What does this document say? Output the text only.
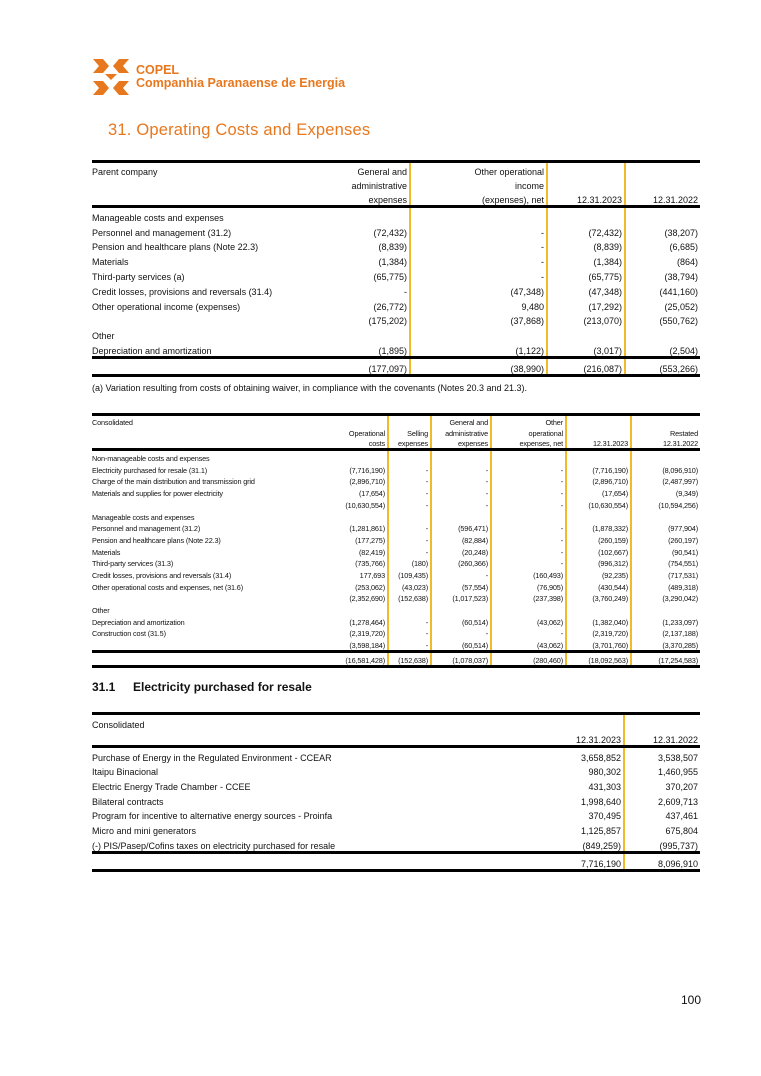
COPEL
Companhia Paranaense de Energia
31. Operating Costs and Expenses
Parent company	General and	Other operational
administrative	income
expenses	(expenses), net	12.31.2023	12.31.2022
Manageable costs and expenses
Personnel and management (31.2)	(72,432)	-	(72,432)	(38,207)
Pension and healthcare plans (Note 22.3)	(8,839)	-	(8,839)	(6,685)
Materials	(1,384)	-	(1,384)	(864)
Third-party services (a)	(65,775)	-	(65,775)	(38,794)
Credit losses, provisions and reversals (31.4)	-	(47,348)	(47,348)	(441,160)
Other operational income (expenses)	(26,772)	9,480	(17,292)	(25,052)
(175,202)	(37,868)	(213,070)	(550,762)
Other
Depreciation and amortization	(1,895)	(1,122)	(3,017)	(2,504)
(177,097)	(38,990)	(216,087)	(553,266)
(a) Variation resulting from costs of obtaining waiver, in compliance with the covenants (Notes 20.3 and 21.3).
Consolidated	General and	Other
Operational	Selling	administrative	operational	Restated
costs	expenses	expenses	expenses, net	12.31.2023	12.31.2022
Non-manageable costs and expenses
Electricity purchased for resale (31.1)	(7,716,190)	-	-	-	(7,716,190)	(8,096,910)
Charge of the main distribution and transmission grid	(2,896,710)	-	-	-	(2,896,710)	(2,487,997)
Materials and supplies for power electricity	(17,654)	-	-	-	(17,654)	(9,349)
(10,630,554)	-	-	-	(10,630,554)	(10,594,256)
Manageable costs and expenses
Personnel and management (31.2)	(1,281,861)	-	(596,471)	-	(1,878,332)	(977,904)
Pension and healthcare plans (Note 22.3)	(177,275)	-	(82,884)	-	(260,159)	(260,197)
Materials	(82,419)	-	(20,248)	-	(102,667)	(90,541)
Third-party services (31.3)	(735,766)	(180)	(260,366)	-	(996,312)	(754,551)
Credit losses, provisions and reversals (31.4)	177,693	(109,435)	-	(160,493)	(92,235)	(717,531)
Other operational costs and expenses, net (31.6)	(253,062)	(43,023)	(57,554)	(76,905)	(430,544)	(489,318)
(2,352,690)	(152,638)	(1,017,523)	(237,398)	(3,760,249)	(3,290,042)
Other
Depreciation and amortization	(1,278,464)	-	(60,514)	(43,062)	(1,382,040)	(1,233,097)
Construction cost (31.5)	(2,319,720)	-	-	-	(2,319,720)	(2,137,188)
(3,598,184)	-	(60,514)	(43,062)	(3,701,760)	(3,370,285)
(16,581,428)	(152,638)	(1,078,037)	(280,460)	(18,092,563)	(17,254,583)
31.1 Electricity purchased for resale
Consolidated
12.31.2023	12.31.2022
Purchase of Energy in the Regulated Environment - CCEAR	3,658,852	3,538,507
Itaipu Binacional	980,302	1,460,955
Electric Energy Trade Chamber - CCEE	431,303	370,207
Bilateral contracts	1,998,640	2,609,713
Program for incentive to alternative energy sources - Proinfa	370,495	437,461
Micro and mini generators	1,125,857	675,804
(-) PIS/Pasep/Cofins taxes on electricity purchased for resale	(849,259)	(995,737)
7,716,190	8,096,910
100
